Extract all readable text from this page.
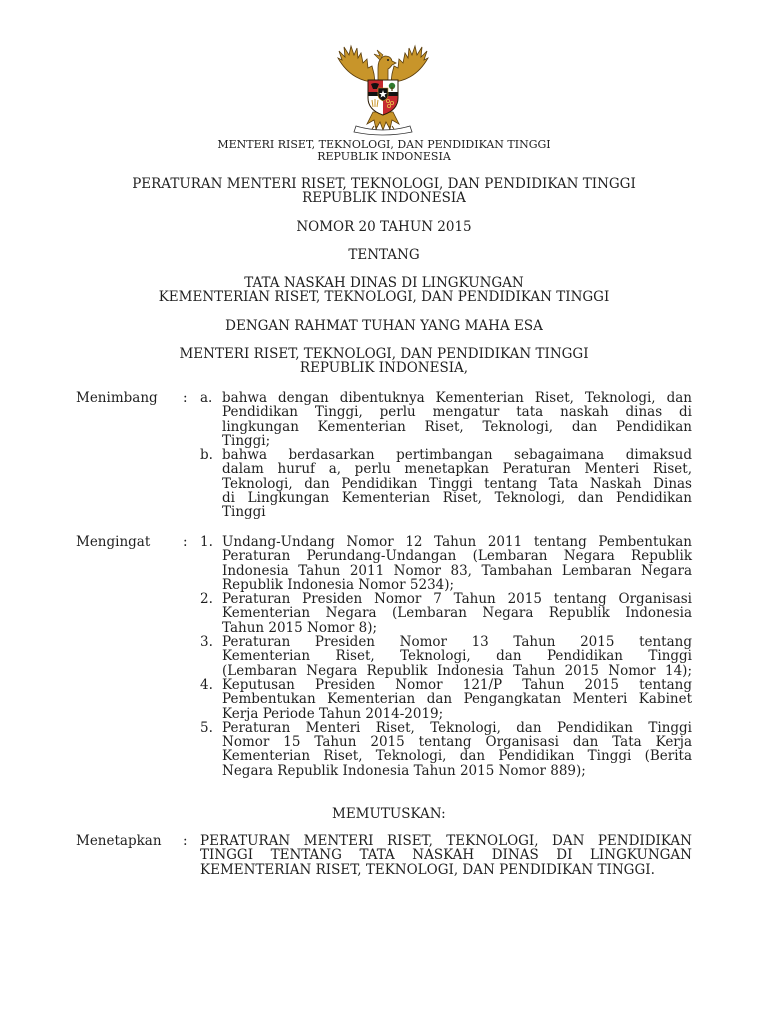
MENTERI RISET, TEKNOLOGI, DAN PENDIDIKAN TINGGI
REPUBLIK INDONESIA
PERATURAN MENTERI RISET, TEKNOLOGI, DAN PENDIDIKAN TINGGI
REPUBLIK INDONESIA
NOMOR 20 TAHUN 2015
TENTANG
TATA NASKAH DINAS DI LINGKUNGAN
KEMENTERIAN RISET, TEKNOLOGI, DAN PENDIDIKAN TINGGI
DENGAN RAHMAT TUHAN YANG MAHA ESA
MENTERI RISET, TEKNOLOGI, DAN PENDIDIKAN TINGGI
REPUBLIK INDONESIA,
Menimbang : a. bahwa dengan dibentuknya Kementerian Riset, Teknologi, dan
Pendidikan Tinggi, perlu mengatur tata naskah dinas di
lingkungan Kementerian Riset, Teknologi, dan Pendidikan
Tinggi;
b. bahwa berdasarkan pertimbangan sebagaimana dimaksud
dalam huruf a, perlu menetapkan Peraturan Menteri Riset,
Teknologi, dan Pendidikan Tinggi tentang Tata Naskah Dinas
di Lingkungan Kementerian Riset, Teknologi, dan Pendidikan
Tinggi
Mengingat : 1. Undang-Undang Nomor 12 Tahun 2011 tentang Pembentukan
Peraturan Perundang-Undangan (Lembaran Negara Republik
Indonesia Tahun 2011 Nomor 83, Tambahan Lembaran Negara
Republik Indonesia Nomor 5234);
2. Peraturan Presiden Nomor 7 Tahun 2015 tentang Organisasi
Kementerian Negara (Lembaran Negara Republik Indonesia
Tahun 2015 Nomor 8);
3. Peraturan Presiden Nomor 13 Tahun 2015 tentang
Kementerian Riset, Teknologi, dan Pendidikan Tinggi
(Lembaran Negara Republik Indonesia Tahun 2015 Nomor 14);
4. Keputusan Presiden Nomor 121/P Tahun 2015 tentang
Pembentukan Kementerian dan Pengangkatan Menteri Kabinet
Kerja Periode Tahun 2014-2019;
5. Peraturan Menteri Riset, Teknologi, dan Pendidikan Tinggi
Nomor 15 Tahun 2015 tentang Organisasi dan Tata Kerja
Kementerian Riset, Teknologi, dan Pendidikan Tinggi (Berita
Negara Republik Indonesia Tahun 2015 Nomor 889);
MEMUTUSKAN:
Menetapkan : PERATURAN MENTERI RISET, TEKNOLOGI, DAN PENDIDIKAN
TINGGI TENTANG TATA NASKAH DINAS DI LINGKUNGAN
KEMENTERIAN RISET, TEKNOLOGI, DAN PENDIDIKAN TINGGI.
